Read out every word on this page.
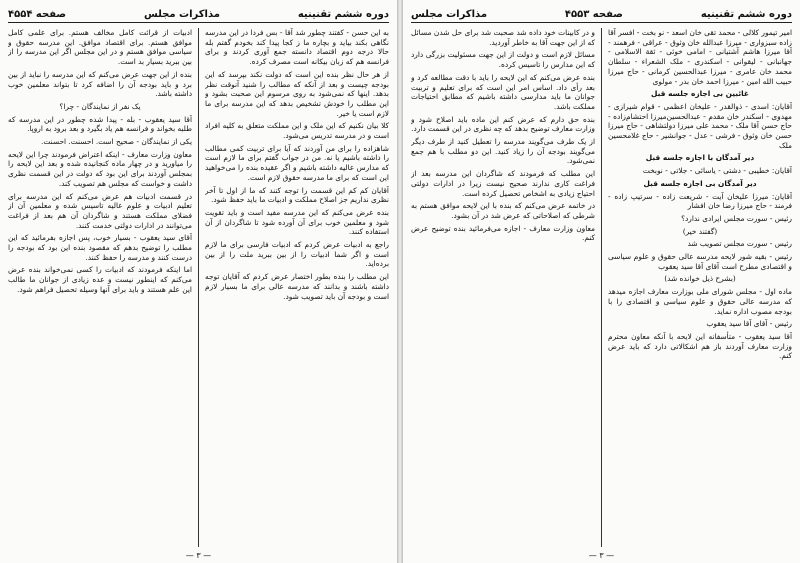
دوره ششم تقنینیه
مذاکرات مجلس
صفحه ۴۵۵۴

به این حسن - کفتند چطور شد آقا - بس فردا در این مدرسه نگاهی بکند بیاید و بچاره ما ز کجا پیدا کند بخودم گفتم بله حالا درجه دوم اقتصاد دانسته جمع آوری کردند و برای فرانسه هم که زبان بیکانه است مصرف کرده.

از هر حال نظر بنده این است که دولت نکند بپرسد که این بودجه چیست و بعد از آنکه که مطالب را شنید آنوقت نظر بدهد. اینها که نمی‌شود به روی مرسوم این صحبت بشود و این مطلب را خودش تشخیص بدهد که این مدرسه برای ما لازم است یا خیر.

کلا بیان نکنیم که این ملک و این مملکت متعلق به کلیه افراد است و در مدرسه تدریس می‌شود.

شاهزاده را برای من آوردند که آیا برای تربیت کمی مطالب را داشته باشیم یا نه. من در جواب گفتم برای ما لازم است که مدارس عالیه داشته باشیم و اگر عقیده بنده را می‌خواهید این است که برای ما مدرسه حقوق لازم است.

آقایان کم کم این قسمت را توجه کنند که ما از اول تا آخر نظری نداریم جز اصلاح مملکت و ادبیات ما باید حفظ شود.

بنده عرض می‌کنم که این مدرسه مفید است و باید تقویت شود و معلمین خوب برای آن آورده شود تا شاگردان از آن استفاده کنند.

راجع به ادبیات عرض کردم که ادبیات فارسی برای ما لازم است و اگر شما ادبیات را از بین ببرید ملت را از بین برده‌اید.

این مطلب را بنده بطور اختصار عرض کردم که آقایان توجه داشته باشند و بدانند که مدرسه عالی برای ما بسیار لازم است و بودجه آن باید تصویب شود.

ادبیات از قرائت کامل مخالف هستم. برای علمی کامل موافق هستم. برای اقتصاد موافق. این مدرسه حقوق و سیاسی موافق هستم و در این مجلس اگر این مدرسه را از بین ببرید بسیار بد است.

بنده از این جهت عرض می‌کنم که این مدرسه را نباید از بین برد و باید بودجه آن را اضافه کرد تا بتواند معلمین خوب داشته باشد.

یک نفر از نمایندگان - چرا؟

آقا سید یعقوب - بله - پیدا شده چطور در این مدرسه که طلبه بخواند و فرانسه هم یاد بگیرد و بعد برود به اروپا.

یکی از نمایندگان - صحیح است. احسنت. احسنت.

معاون وزارت معارف - اینکه اعتراض فرمودند چرا این لایحه را میاورید و در چهار ماده کنجانیده شده و بعد این لایحه را بمجلس آوردند برای این بود که دولت در این قسمت نظری داشت و خواست که مجلس هم تصویب کند.

در قسمت ادبیات هم عرض می‌کنم که این مدرسه برای تعلیم ادبیات و علوم عالیه تاسیس شده و معلمین آن از فضلای مملکت هستند و شاگردان آن هم بعد از فراغت می‌توانند در ادارات دولتی خدمت کنند.

آقای سید یعقوب - بسیار خوب، پس اجازه بفرمائید که این مطلب را توضیح بدهم که مقصود بنده این بود که بودجه را درست کنند و مدرسه را حفظ کنند.

اما اینکه فرمودند که ادبیات را کسی نمی‌خواند بنده عرض می‌کنم که اینطور نیست و عده زیادی از جوانان ما طالب این علم هستند و باید برای آنها وسیله تحصیل فراهم شود.

— ۳ —
دوره ششم تقنینیه
صفحه ۴۵۵۳
مذاکرات مجلس

امیر تیمور کلالی - محمد تقی خان اسعد - نو بخت - افسر آقا زاده سبزواری - میرزا عبدالله خان وثوق - عراقی - فرهمند - آقا میرزا هاشم آشتیانی - امامی خوئی - ثقة الاسلامی - جهانبانی - لیقوانی - اسکندری - ملک الشعراء - سلطان محمد خان عامری - میرزا عبدالحسین کرمانی - حاج میرزا حبیب الله امین - میرزا احمد خان بدر - مولوی

غائبین بی اجازه جلسه قبل

آقایان: اسدی - ذوالقدر - علیخان اعظمی - قوام شیرازی - مهدوی - اسکندر خان مقدم - عبدالحسین‌میرزا احتشام‌زاده - حاج حسن آقا ملک - محمد علی میرزا دولتشاهی - حاج میرزا حسن خان وثوق - فرشی - عدل - جوانشیر - حاج غلامحسین ملک

دیر آمدگان با اجازه جلسه قبل

آقایان: خطیبی - دشتی - یاسائی - جلاتی - نوبخت

دیر آمدگان بی اجازه جلسه قبل

آقایان: میرزا علیخان آیت - شریعت زاده - سرتیپ زاده - فرمند - حاج میرزا رضا خان افشار

رئیس - سورت مجلس ایرادی ندارد؟

(گفتند خیر)

رئیس - سورت مجلس تصویب شد

رئیس - بقیه شور لایحه مدرسه عالی حقوق و علوم سیاسی و اقتصادی مطرح است آقای آقا سید یعقوب

(بشرح ذیل خوانده شد)

ماده اول - مجلس شورای ملی بوزارت معارف اجازه میدهد که مدرسه عالی حقوق و علوم سیاسی و اقتصادی را با بودجه مصوب اداره نماید.

رئیس - آقای آقا سید یعقوب

آقا سید یعقوب - متأسفانه این لایحه با آنکه معاون محترم وزارت معارف آوردند باز هم اشکالاتی دارد که باید عرض کنم.

و در کابینات خود داده شد صحبت شد برای حل شدن مسائل که از این جهت آقا به خاطر آوردید.

مسائل لازم است و دولت از این جهت مسئولیت بزرگی دارد که این مدارس را تاسیس کرده.

بنده عرض می‌کنم که این لایحه را باید با دقت مطالعه کرد و بعد رأی داد. اساس امر این است که برای تعلیم و تربیت جوانان ما باید مدارسی داشته باشیم که مطابق احتیاجات مملکت باشد.

بنده حق دارم که عرض کنم این ماده باید اصلاح شود و وزارت معارف توضیح بدهد که چه نظری در این قسمت دارد.

از یک طرف می‌گویند مدرسه را تعطیل کنید از طرف دیگر می‌گویند بودجه آن را زیاد کنید. این دو مطلب با هم جمع نمی‌شود.

این مطلب که فرمودند که شاگردان این مدرسه بعد از فراغت کاری ندارند صحیح نیست زیرا در ادارات دولتی احتیاج زیادی به اشخاص تحصیل کرده است.

در خاتمه عرض می‌کنم که بنده با این لایحه موافق هستم به شرطی که اصلاحاتی که عرض شد در آن بشود.

معاون وزارت معارف - اجازه می‌فرمائید بنده توضیح عرض کنم.

— ۳ —
